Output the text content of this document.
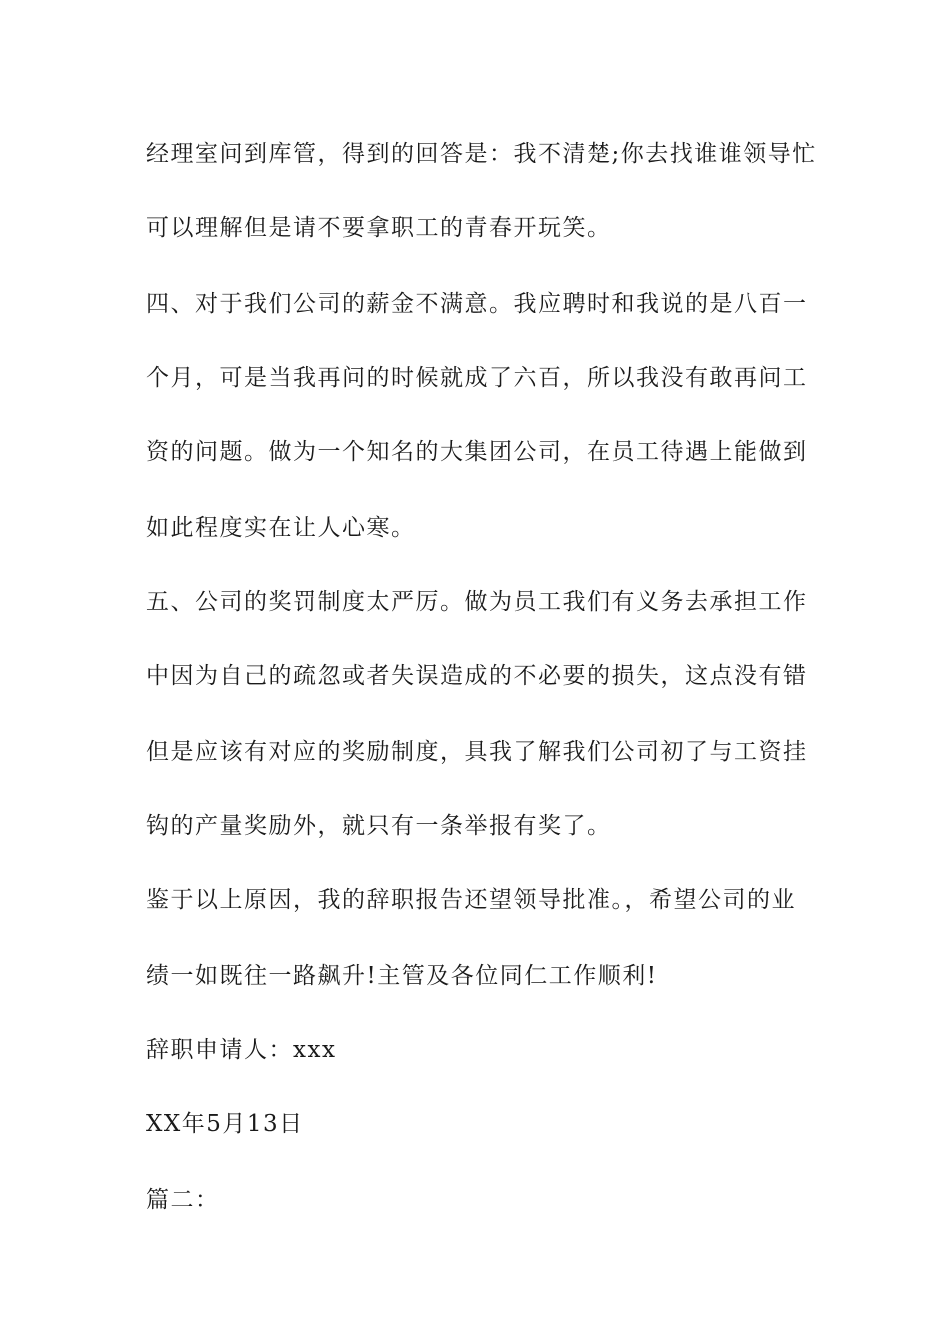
经理室问到库管，得到的回答是：我不清楚;你去找谁谁领导忙
可以理解但是请不要拿职工的青春开玩笑。
四、对于我们公司的薪金不满意。我应聘时和我说的是八百一
个月，可是当我再问的时候就成了六百，所以我没有敢再问工
资的问题。做为一个知名的大集团公司，在员工待遇上能做到
如此程度实在让人心寒。
五、公司的奖罚制度太严厉。做为员工我们有义务去承担工作
中因为自己的疏忽或者失误造成的不必要的损失，这点没有错
但是应该有对应的奖励制度，具我了解我们公司初了与工资挂
钩的产量奖励外，就只有一条举报有奖了。
鉴于以上原因，我的辞职报告还望领导批准。，希望公司的业
绩一如既往一路飙升!主管及各位同仁工作顺利!
辞职申请人：xxx
XX年5月13日
篇二：
